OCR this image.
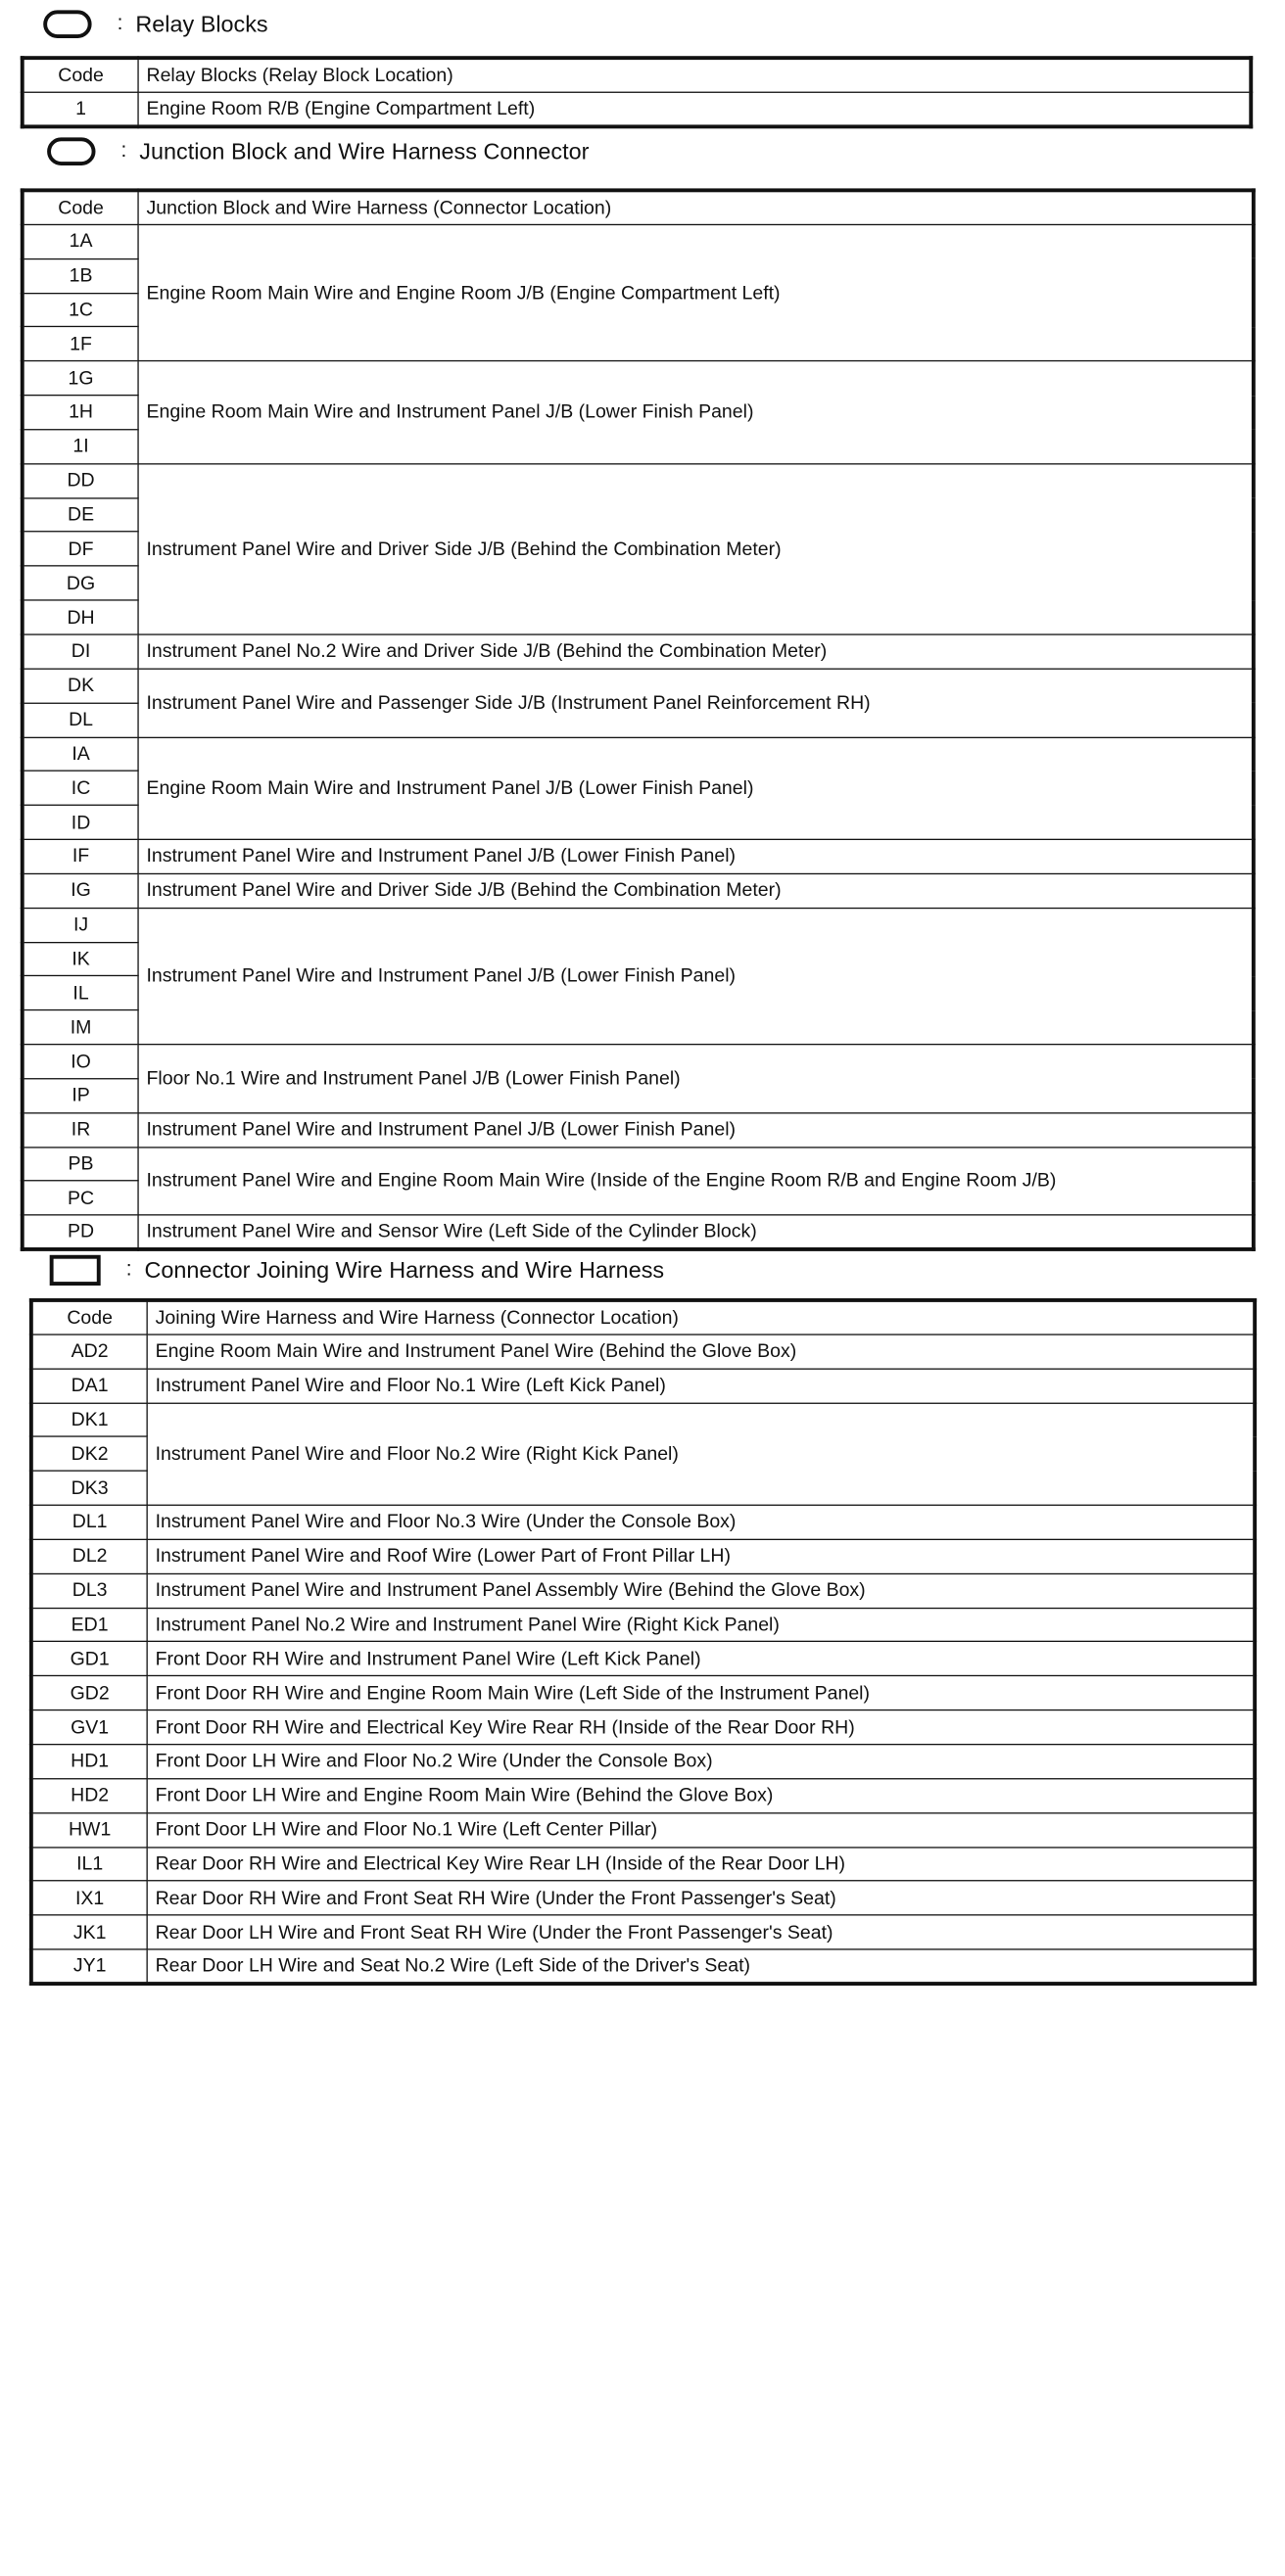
: Relay Blocks
Code	Relay Blocks (Relay Block Location)
1	Engine Room R/B (Engine Compartment Left)
: Junction Block and Wire Harness Connector
Code	Junction Block and Wire Harness (Connector Location)
1A	Engine Room Main Wire and Engine Room J/B (Engine Compartment Left)
1B	
1C	
1F	
1G	Engine Room Main Wire and Instrument Panel J/B (Lower Finish Panel)
1H	
1I	
DD	Instrument Panel Wire and Driver Side J/B (Behind the Combination Meter)
DE	
DF	
DG	
DH	
DI	Instrument Panel No.2 Wire and Driver Side J/B (Behind the Combination Meter)
DK	Instrument Panel Wire and Passenger Side J/B (Instrument Panel Reinforcement RH)
DL	
IA	Engine Room Main Wire and Instrument Panel J/B (Lower Finish Panel)
IC	
ID	
IF	Instrument Panel Wire and Instrument Panel J/B (Lower Finish Panel)
IG	Instrument Panel Wire and Driver Side J/B (Behind the Combination Meter)
IJ	Instrument Panel Wire and Instrument Panel J/B (Lower Finish Panel)
IK	
IL	
IM	
IO	Floor No.1 Wire and Instrument Panel J/B (Lower Finish Panel)
IP	
IR	Instrument Panel Wire and Instrument Panel J/B (Lower Finish Panel)
PB	Instrument Panel Wire and Engine Room Main Wire (Inside of the Engine Room R/B and Engine Room J/B)
PC	
PD	Instrument Panel Wire and Sensor Wire (Left Side of the Cylinder Block)
: Connector Joining Wire Harness and Wire Harness
Code	Joining Wire Harness and Wire Harness (Connector Location)
AD2	Engine Room Main Wire and Instrument Panel Wire (Behind the Glove Box)
DA1	Instrument Panel Wire and Floor No.1 Wire (Left Kick Panel)
DK1	Instrument Panel Wire and Floor No.2 Wire (Right Kick Panel)
DK2	
DK3	
DL1	Instrument Panel Wire and Floor No.3 Wire (Under the Console Box)
DL2	Instrument Panel Wire and Roof Wire (Lower Part of Front Pillar LH)
DL3	Instrument Panel Wire and Instrument Panel Assembly Wire (Behind the Glove Box)
ED1	Instrument Panel No.2 Wire and Instrument Panel Wire (Right Kick Panel)
GD1	Front Door RH Wire and Instrument Panel Wire (Left Kick Panel)
GD2	Front Door RH Wire and Engine Room Main Wire (Left Side of the Instrument Panel)
GV1	Front Door RH Wire and Electrical Key Wire Rear RH (Inside of the Rear Door RH)
HD1	Front Door LH Wire and Floor No.2 Wire (Under the Console Box)
HD2	Front Door LH Wire and Engine Room Main Wire (Behind the Glove Box)
HW1	Front Door LH Wire and Floor No.1 Wire (Left Center Pillar)
IL1	Rear Door RH Wire and Electrical Key Wire Rear LH (Inside of the Rear Door LH)
IX1	Rear Door RH Wire and Front Seat RH Wire (Under the Front Passenger's Seat)
JK1	Rear Door LH Wire and Front Seat RH Wire (Under the Front Passenger's Seat)
JY1	Rear Door LH Wire and Seat No.2 Wire (Left Side of the Driver's Seat)
